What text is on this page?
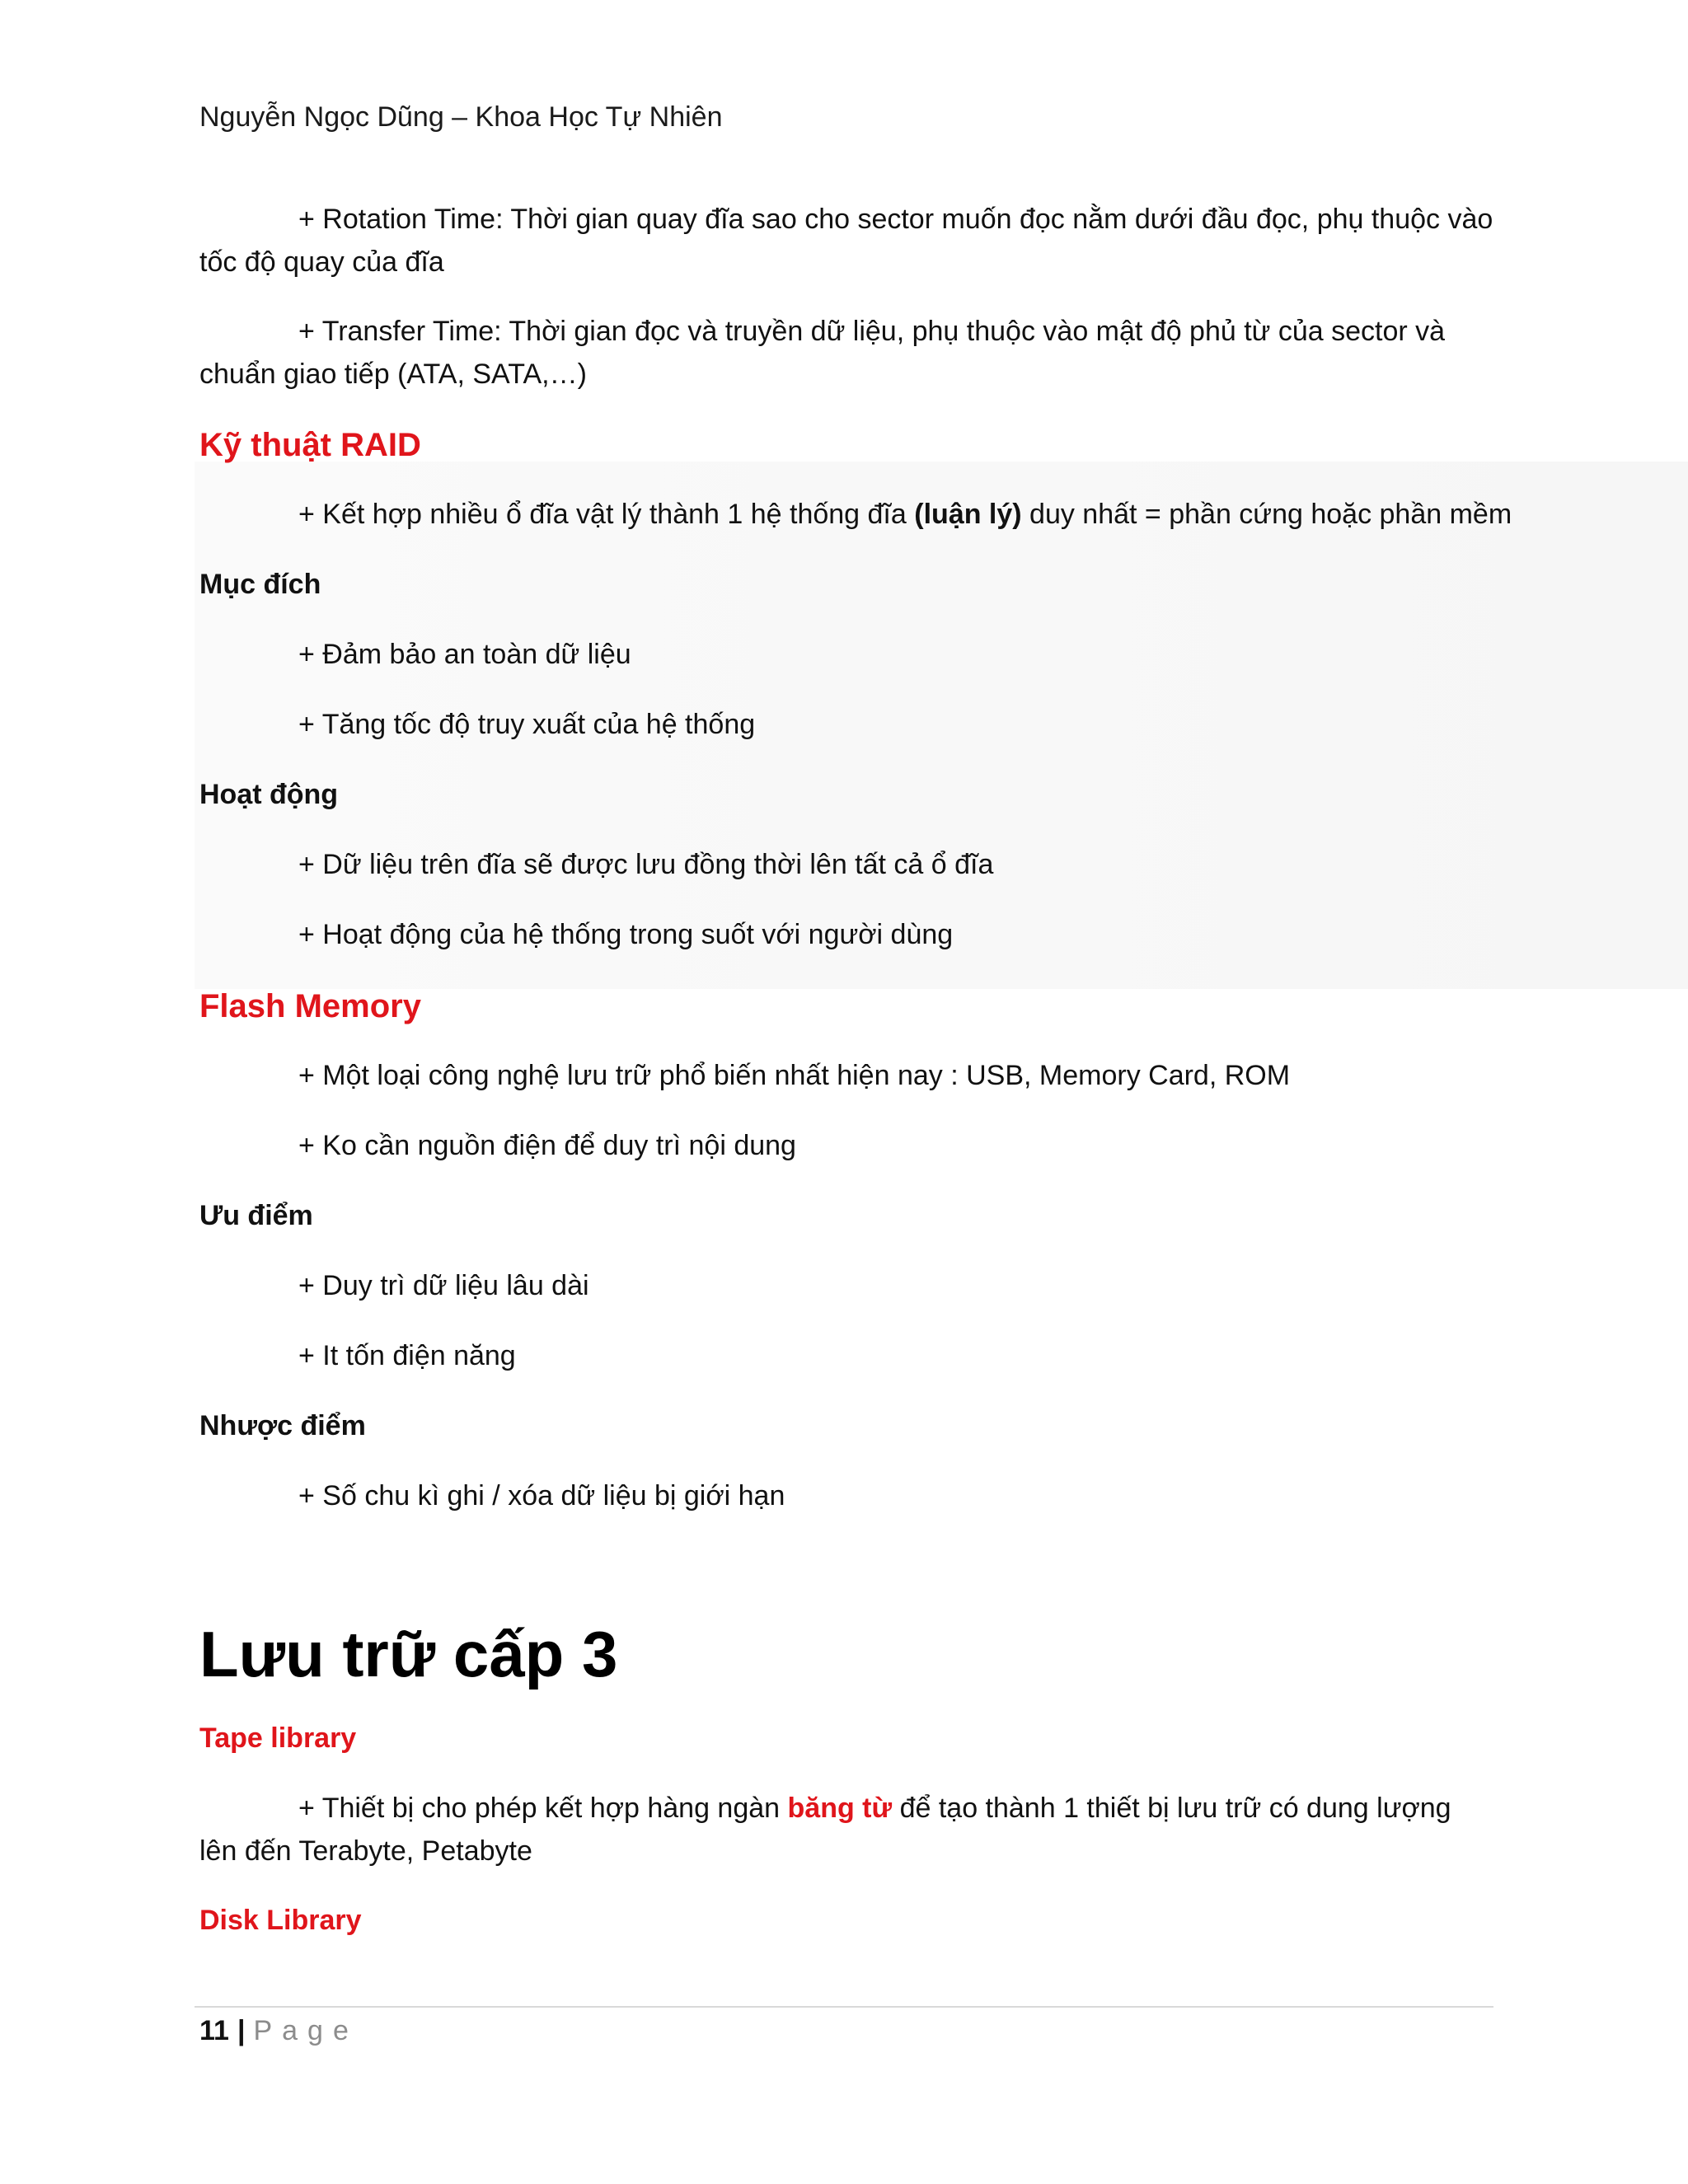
Nguyễn Ngọc Dũng – Khoa Học Tự Nhiên

+ Rotation Time: Thời gian quay đĩa sao cho sector muốn đọc nằm dưới đầu đọc, phụ thuộc vào tốc độ quay của đĩa

+ Transfer Time: Thời gian đọc và truyền dữ liệu, phụ thuộc vào mật độ phủ từ của sector và chuẩn giao tiếp (ATA, SATA,…)

Kỹ thuật RAID
+ Kết hợp nhiều ổ đĩa vật lý thành 1 hệ thống đĩa (luận lý) duy nhất = phần cứng hoặc phần mềm
Mục đích
+ Đảm bảo an toàn dữ liệu
+ Tăng tốc độ truy xuất của hệ thống
Hoạt động
+ Dữ liệu trên đĩa sẽ được lưu đồng thời lên tất cả ổ đĩa
+ Hoạt động của hệ thống trong suốt với người dùng
Flash Memory
+ Một loại công nghệ lưu trữ phổ biến nhất hiện nay : USB, Memory Card, ROM
+ Ko cần nguồn điện để duy trì nội dung
Ưu điểm
+ Duy trì dữ liệu lâu dài
+ It tốn điện năng
Nhược điểm
+ Số chu kì ghi / xóa dữ liệu bị giới hạn
Lưu trữ cấp 3
Tape library

+ Thiết bị cho phép kết hợp hàng ngàn băng từ để tạo thành 1 thiết bị lưu trữ có dung lượng lên đến Terabyte, Petabyte

Disk Library
11 | Page
